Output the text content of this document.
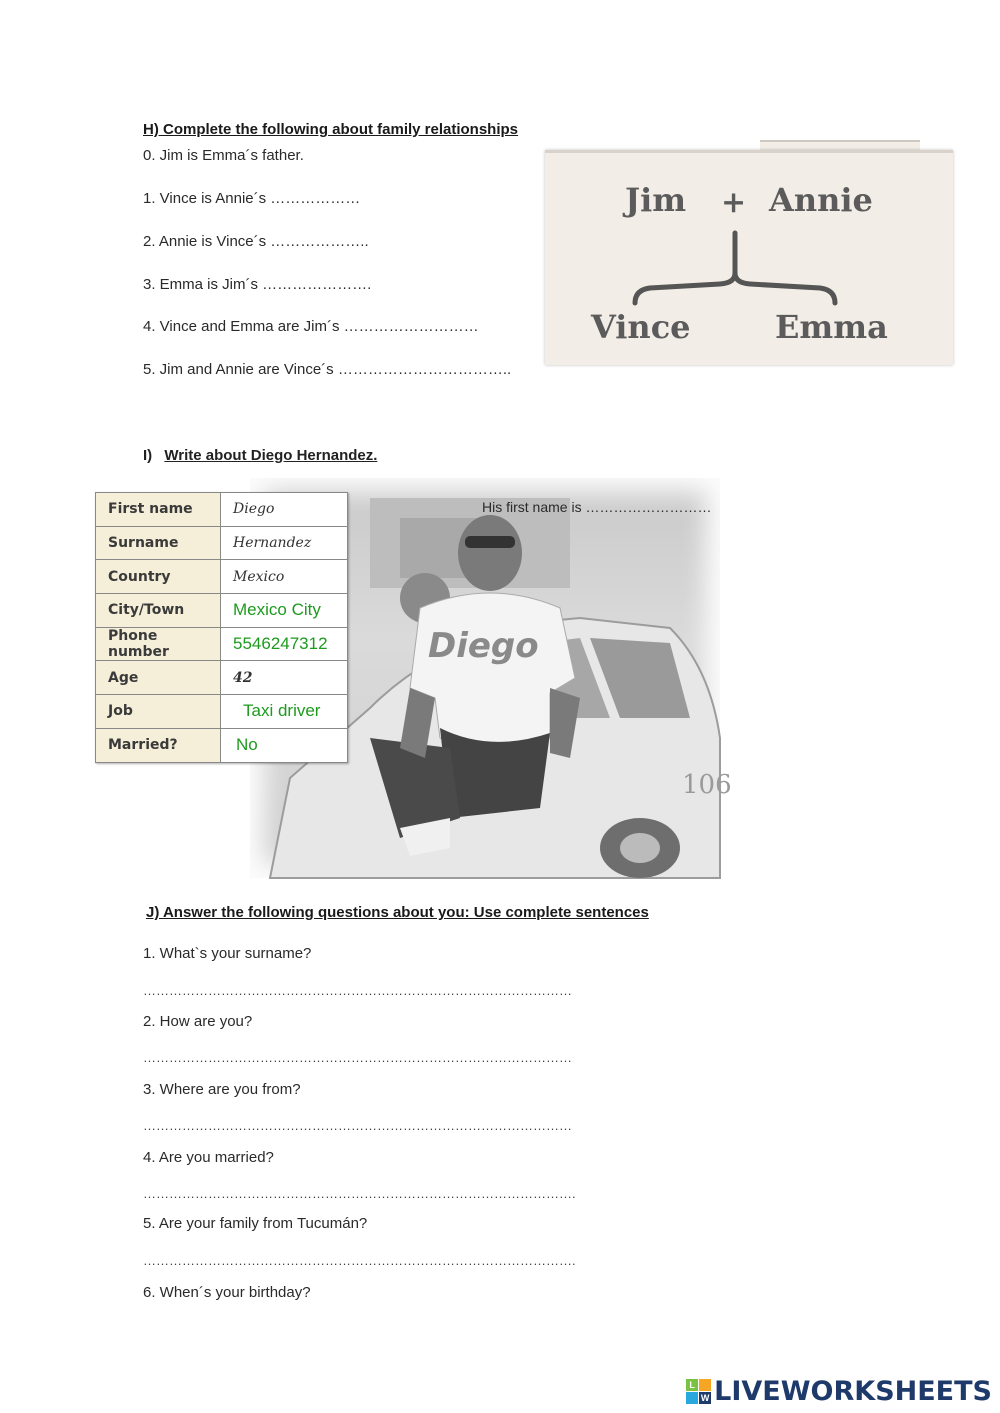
H) Complete the following about family relationships
0. Jim is Emma´s father.
1. Vince is Annie´s ………………
2. Annie is Vince´s ………………..
3. Emma is Jim´s ………………….
4. Vince and Emma are Jim´s ………………………
5. Jim and Annie are Vince´s ……………………………..
Jim + Annie
Vince	Emma
I) Write about Diego Hernandez.
Diego
106
His first name is ………………………
First name	Diego
Surname	Hernandez
Country	Mexico
City/Town	Mexico City
Phone number	5546247312
Age	42
Job	Taxi driver
Married?	No
J) Answer the following questions about you: Use complete sentences
1. What`s your surname?
………………………………………………………………………………………
2. How are you?
………………………………………………………………………………………
3. Where are you from?
………………………………………………………………………………………
4. Are you married?
……………………………………………………………………………………….
5. Are your family from Tucumán?
……………………………………………………………………………………….
6. When´s your birthday?
L
W LIVEWORKSHEETS
